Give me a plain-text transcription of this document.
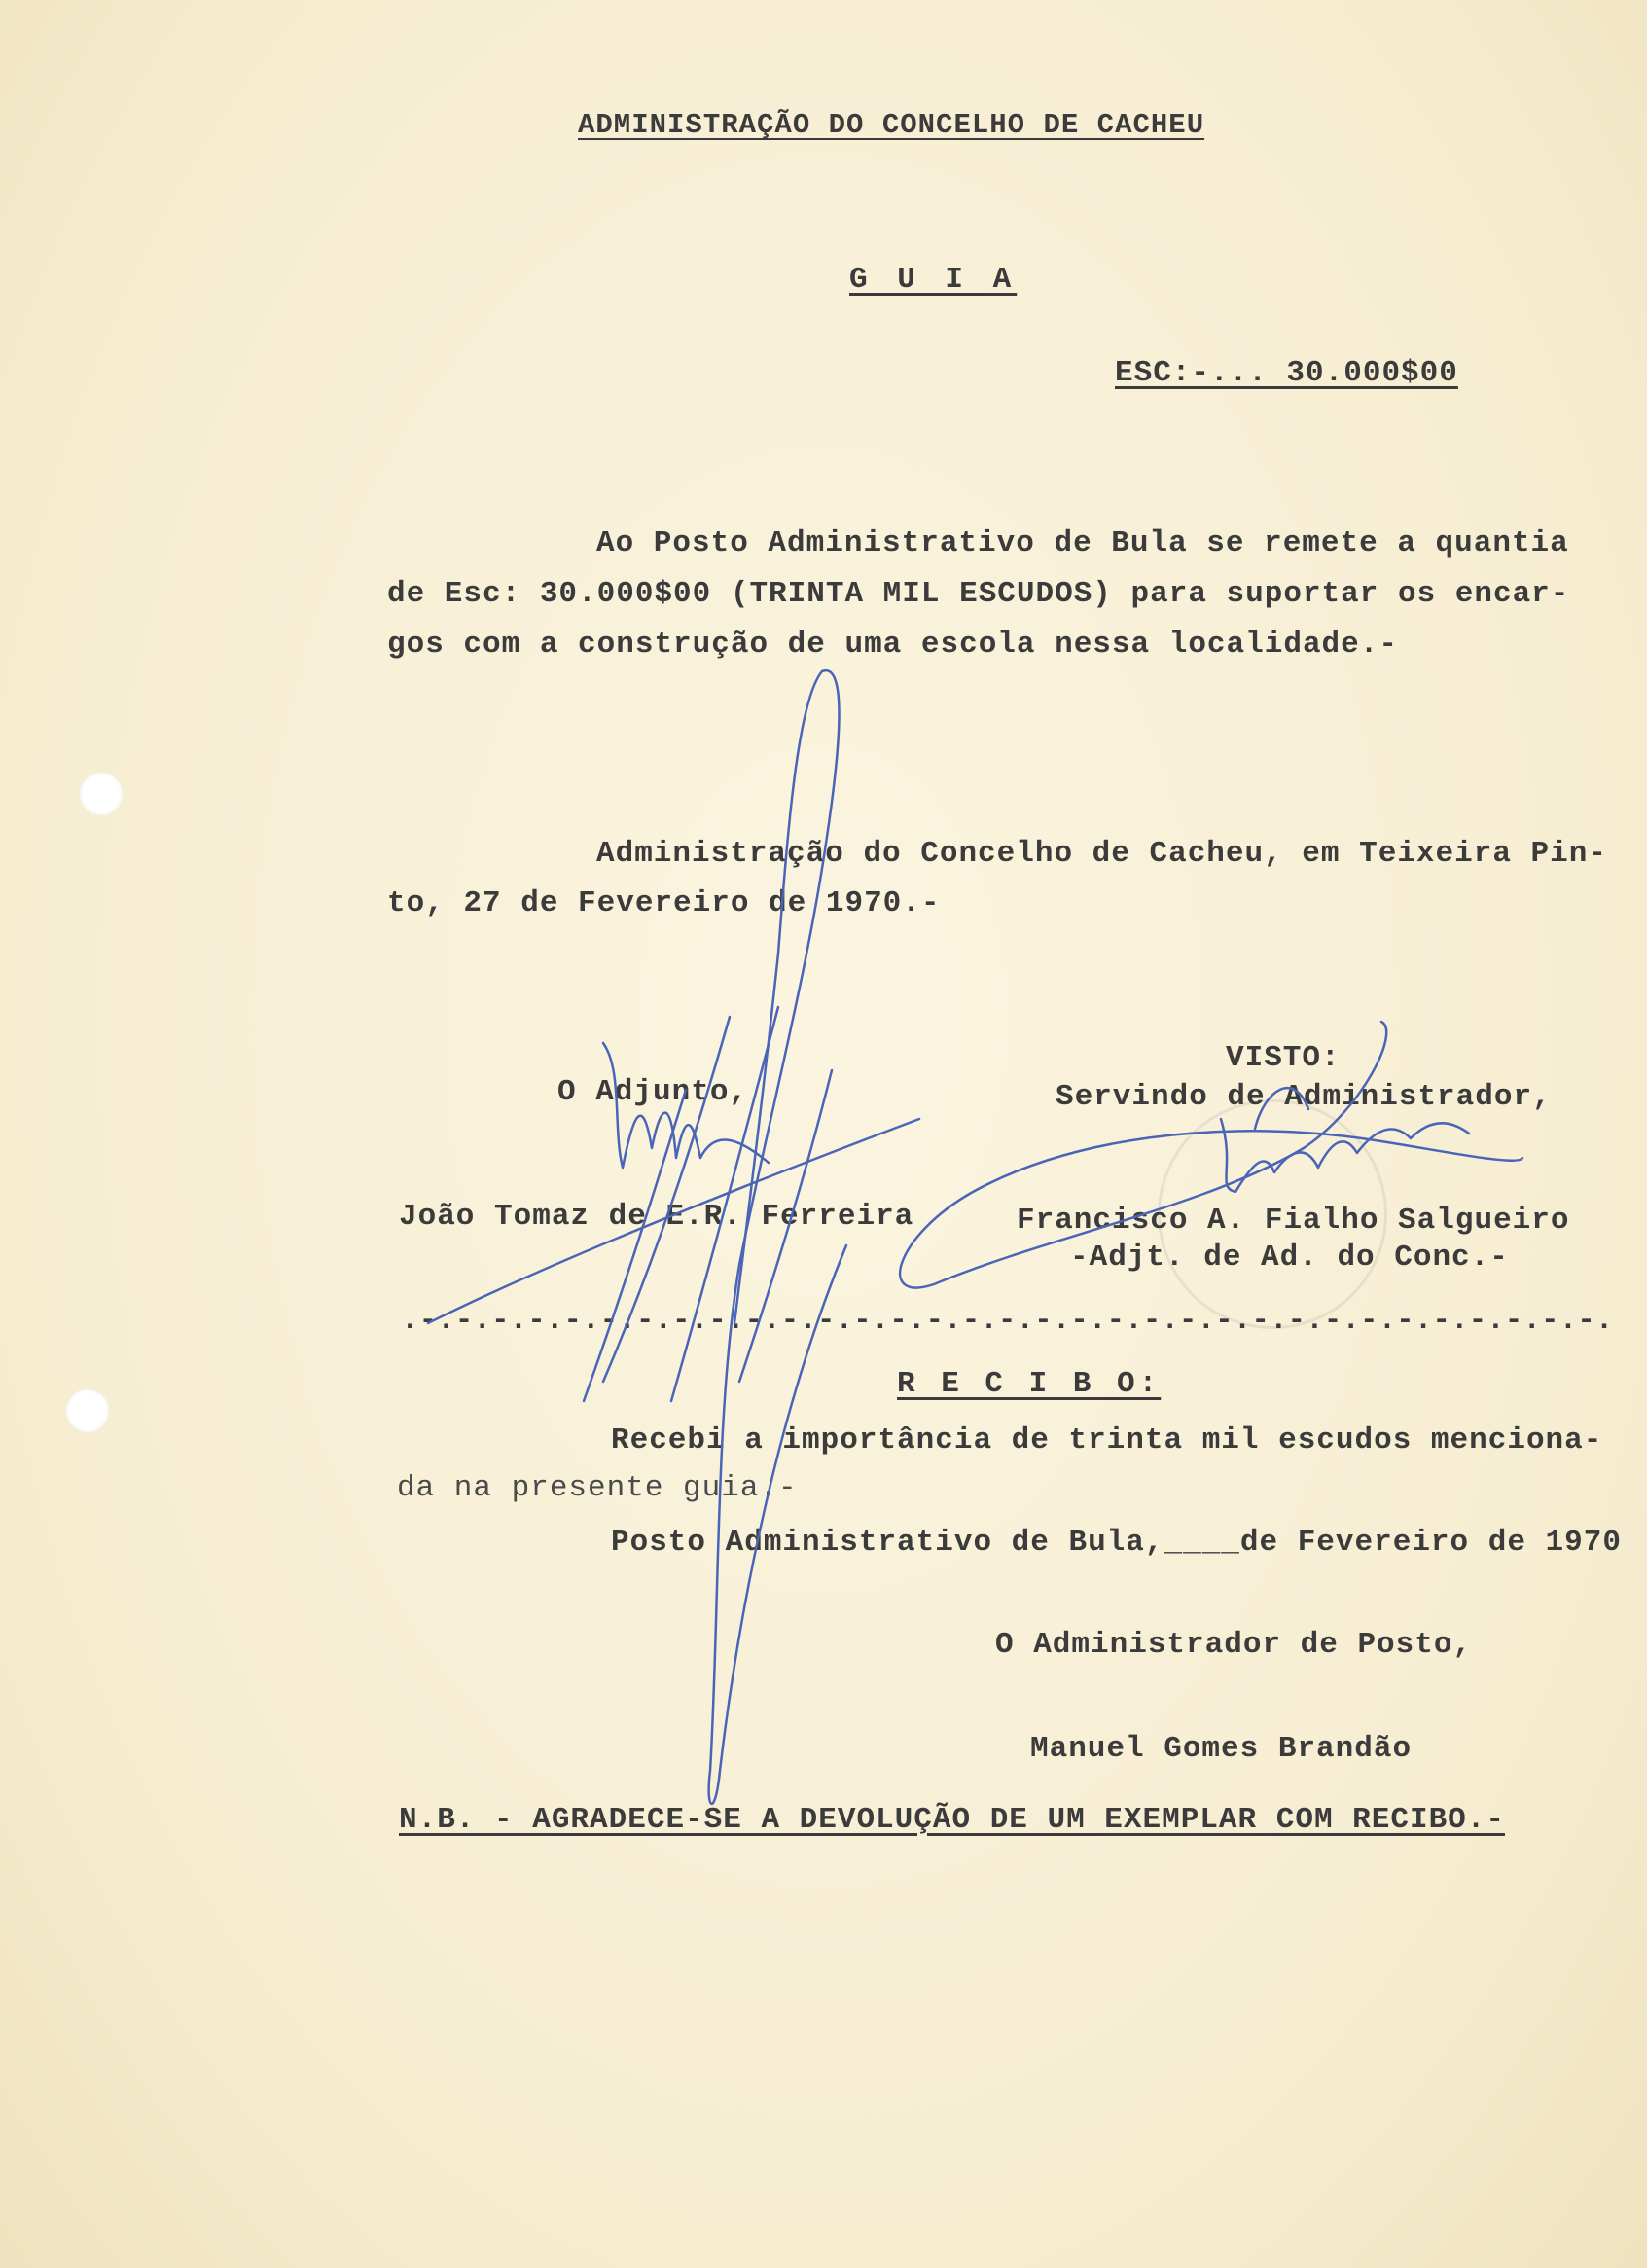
ADMINISTRAÇÃO DO CONCELHO DE CACHEU
G U I A
ESC:-... 30.000$00
Ao Posto Administrativo de Bula se remete a quantia
de Esc: 30.000$00 (TRINTA MIL ESCUDOS) para suportar os encar-
gos com a construção de uma escola nessa localidade.-
Administração do Concelho de Cacheu, em Teixeira Pin-
to, 27 de Fevereiro de 1970.-
VISTO:
O Adjunto,	Servindo de Administrador,
João Tomaz de E.R. Ferreira	Francisco A. Fialho Salgueiro
-Adjt. de Ad. do Conc.-
.-.-.-.-.-.-.-.-.-.-.-.-.-.-.-.-.-.-.-.-.-.-.-.-.-.-.-.-.-.-.-.-.-.
R E C I B O:
Recebi a importância de trinta mil escudos menciona-
da na presente guia.-
Posto Administrativo de Bula,____de Fevereiro de 1970
O Administrador de Posto,
Manuel Gomes Brandão
N.B. - AGRADECE-SE A DEVOLUÇÃO DE UM EXEMPLAR COM RECIBO.-
